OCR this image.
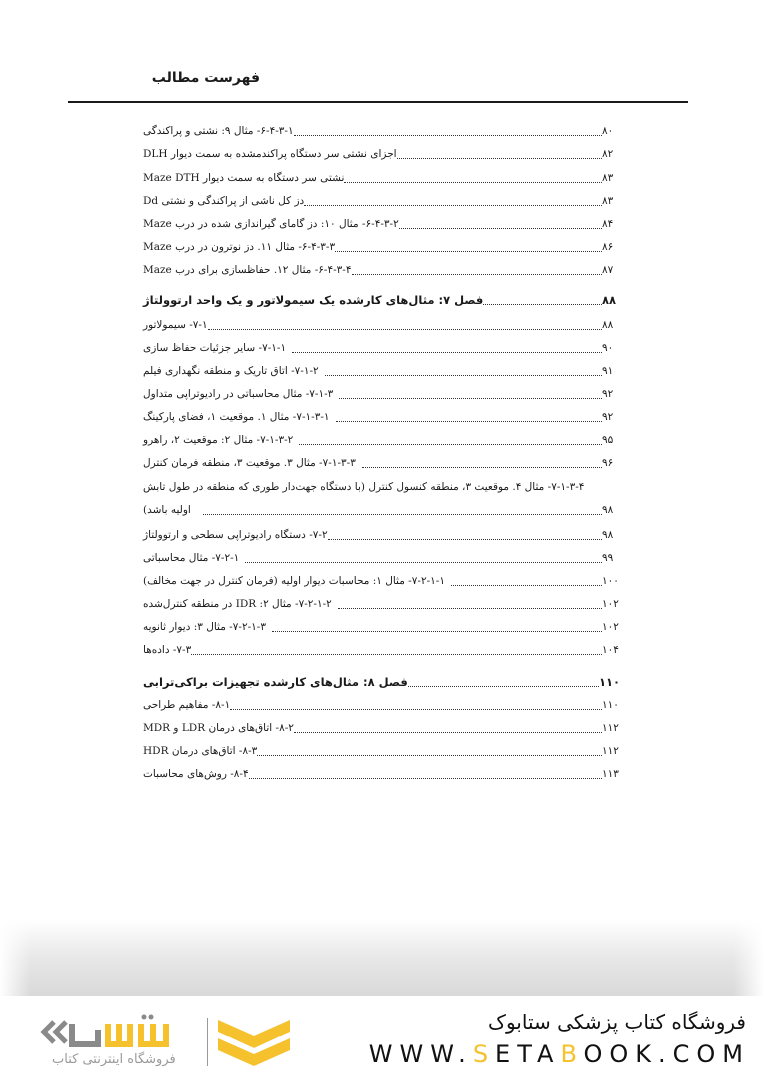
فهرست مطالب
۶-۴-۳-۱- مثال ۹: نشتی و پراکندگی	۸۰
اجزای نشتی سر دستگاه پراکندمشده به سمت دیوار DLH	۸۲
نشتی سر دستگاه به سمت دیوار Maze DTH	۸۳
دز کل ناشی از پراکندگی و نشتی Dd	۸۳
۶-۴-۳-۲- مثال ۱۰: دز گامای گیراندازی شده در درب Maze	۸۴
۶-۴-۳-۳- مثال ۱۱. دز نوترون در درب Maze	۸۶
۶-۴-۳-۴- مثال ۱۲. حفاظسازی برای درب Maze	۸۷
فصل ۷: مثال‌های کارشده یک سیمولاتور و یک واحد ارتوولتاژ	۸۸
۷-۱- سیمولاتور	۸۸
۷-۱-۱- سایر جزئیات حفاظ سازی	۹۰
۷-۱-۲- اتاق تاریک و منطقه نگهداری فیلم	۹۱
۷-۱-۳- مثال محاسباتی در رادیوتراپی متداول	۹۲
۷-۱-۳-۱- مثال ۱. موقعیت ۱، فضای پارکینگ	۹۲
۷-۱-۳-۲- مثال ۲: موقعیت ۲، راهرو	۹۵
۷-۱-۳-۳- مثال ۳. موقعیت ۳، منطقه فرمان کنترل	۹۶
۷-۱-۳-۴- مثال ۴. موقعیت ۳، منطقه کنسول کنترل (با دستگاه جهت‌دار طوری که منطقه در طول تابش
اولیه باشد)	۹۸
۷-۲- دستگاه رادیوتراپی سطحی و ارتوولتاژ	۹۸
۷-۲-۱- مثال محاسباتی	۹۹
۷-۲-۱-۱- مثال ۱: محاسبات دیوار اولیه (فرمان کنترل در جهت مخالف)	۱۰۰
۷-۲-۱-۲- مثال ۲: IDR در منطقه کنترل‌شده	۱۰۲
۷-۲-۱-۳- مثال ۳: دیوار ثانویه	۱۰۲
۷-۳- داده‌ها	۱۰۴
فصل ۸: مثال‌های کارشده تجهیزات براکی‌ترابی	۱۱۰
۸-۱- مفاهیم طراحی	۱۱۰
۸-۲- اتاق‌های درمان LDR و MDR	۱۱۲
۸-۳- اتاق‌های درمان HDR	۱۱۲
۸-۴- روش‌های محاسبات	۱۱۳
فروشگاه اینترنتی کتاب
فروشگاه کتاب پزشکی ستابوک
WWW.SETABOOK.COM
